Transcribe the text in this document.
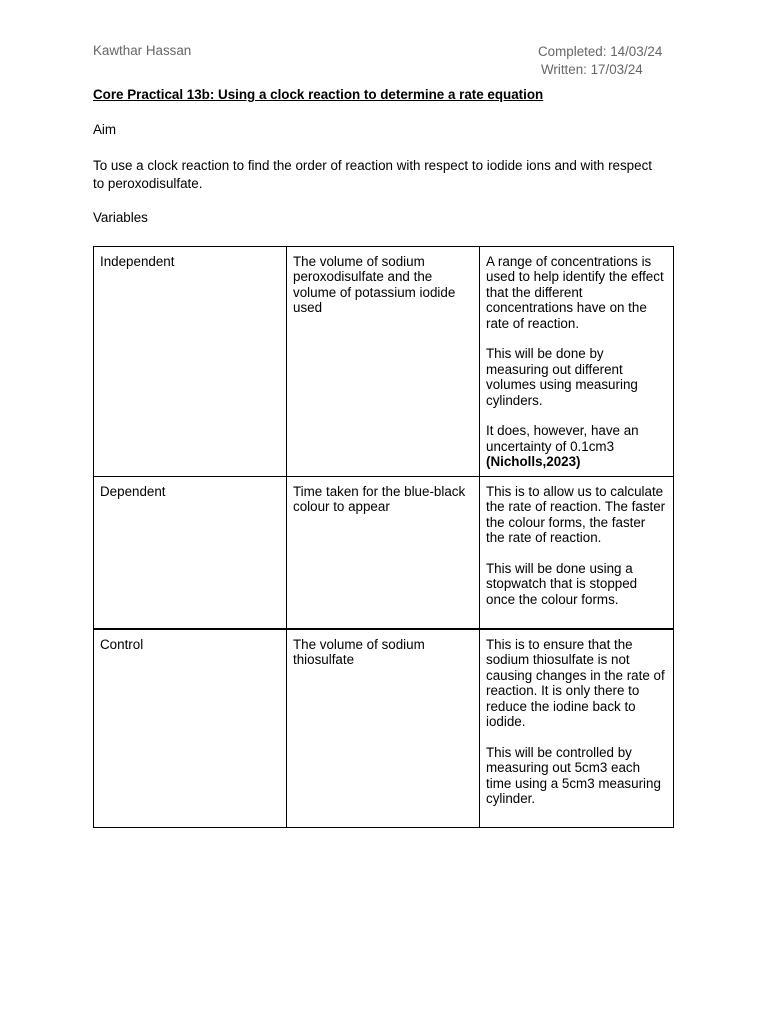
Kawthar Hassan	Completed: 14/03/24
Written: 17/03/24
Core Practical 13b: Using a clock reaction to determine a rate equation
Aim
To use a clock reaction to find the order of reaction with respect to iodide ions and with respect to peroxodisulfate.
Variables
Independent	The volume of sodium peroxodisulfate and the volume of potassium iodide used	A range of concentrations is used to help identify the effect that the different concentrations have on the rate of reaction.
This will be done by measuring out different volumes using measuring cylinders.
It does, however, have an uncertainty of 0.1cm3
(Nicholls,2023)

Dependent	Time taken for the blue-black colour to appear	This is to allow us to calculate the rate of reaction. The faster the colour forms, the faster the rate of reaction.
This will be done using a stopwatch that is stopped once the colour forms.

Control	The volume of sodium thiosulfate	This is to ensure that the sodium thiosulfate is not causing changes in the rate of reaction. It is only there to reduce the iodine back to iodide.
This will be controlled by measuring out 5cm3 each time using a 5cm3 measuring cylinder.
